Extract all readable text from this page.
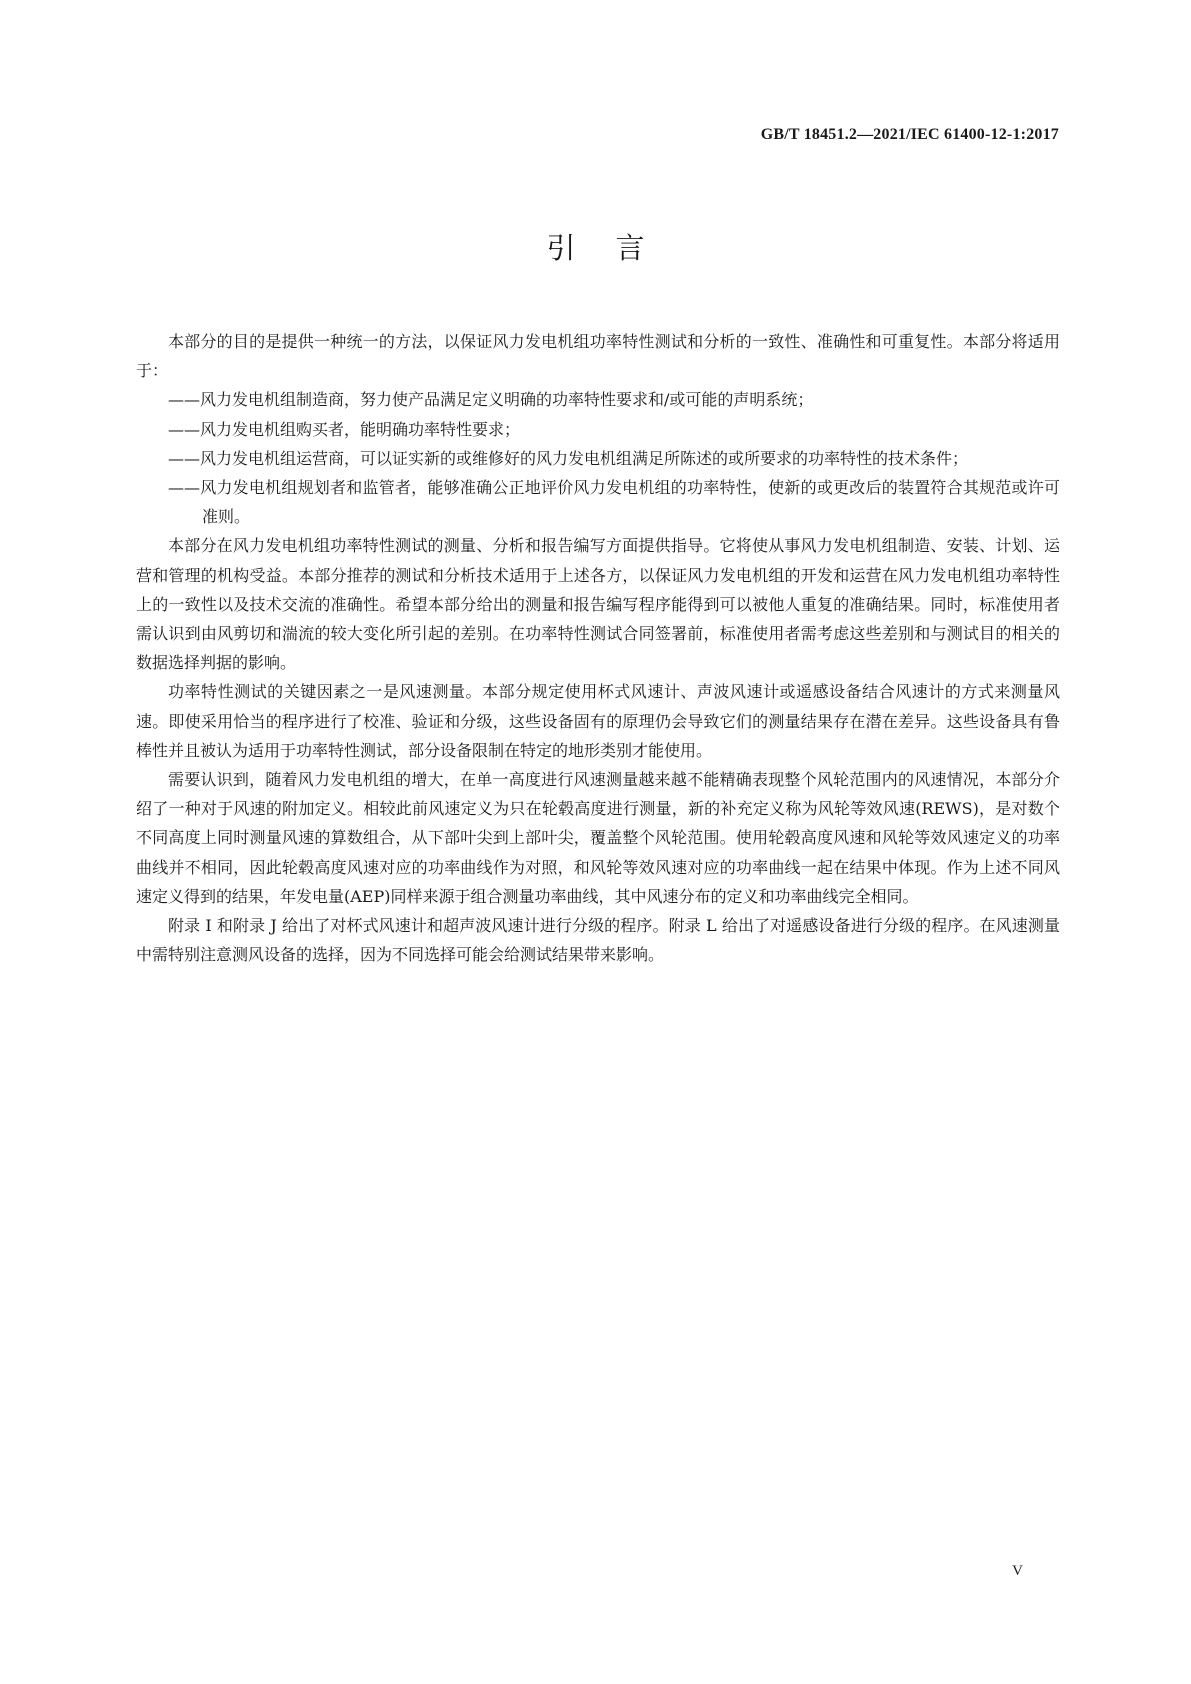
GB/T 18451.2—2021/IEC 61400-12-1:2017
引言

本部分的目的是提供一种统一的方法，以保证风力发电机组功率特性测试和分析的一致性、准确性和可重复性。本部分将适用于：

——风力发电机组制造商，努力使产品满足定义明确的功率特性要求和/或可能的声明系统；

——风力发电机组购买者，能明确功率特性要求；

——风力发电机组运营商，可以证实新的或维修好的风力发电机组满足所陈述的或所要求的功率特性的技术条件；

——风力发电机组规划者和监管者，能够准确公正地评价风力发电机组的功率特性，使新的或更改后的装置符合其规范或许可准则。

本部分在风力发电机组功率特性测试的测量、分析和报告编写方面提供指导。它将使从事风力发电机组制造、安装、计划、运营和管理的机构受益。本部分推荐的测试和分析技术适用于上述各方，以保证风力发电机组的开发和运营在风力发电机组功率特性上的一致性以及技术交流的准确性。希望本部分给出的测量和报告编写程序能得到可以被他人重复的准确结果。同时，标准使用者需认识到由风剪切和湍流的较大变化所引起的差别。在功率特性测试合同签署前，标准使用者需考虑这些差别和与测试目的相关的数据选择判据的影响。

功率特性测试的关键因素之一是风速测量。本部分规定使用杯式风速计、声波风速计或遥感设备结合风速计的方式来测量风速。即使采用恰当的程序进行了校准、验证和分级，这些设备固有的原理仍会导致它们的测量结果存在潜在差异。这些设备具有鲁棒性并且被认为适用于功率特性测试，部分设备限制在特定的地形类别才能使用。

需要认识到，随着风力发电机组的增大，在单一高度进行风速测量越来越不能精确表现整个风轮范围内的风速情况，本部分介绍了一种对于风速的附加定义。相较此前风速定义为只在轮毂高度进行测量，新的补充定义称为风轮等效风速(REWS)，是对数个不同高度上同时测量风速的算数组合，从下部叶尖到上部叶尖，覆盖整个风轮范围。使用轮毂高度风速和风轮等效风速定义的功率曲线并不相同，因此轮毂高度风速对应的功率曲线作为对照，和风轮等效风速对应的功率曲线一起在结果中体现。作为上述不同风速定义得到的结果，年发电量(AEP)同样来源于组合测量功率曲线，其中风速分布的定义和功率曲线完全相同。

附录 I 和附录 J 给出了对杯式风速计和超声波风速计进行分级的程序。附录 L 给出了对遥感设备进行分级的程序。在风速测量中需特别注意测风设备的选择，因为不同选择可能会给测试结果带来影响。

V
